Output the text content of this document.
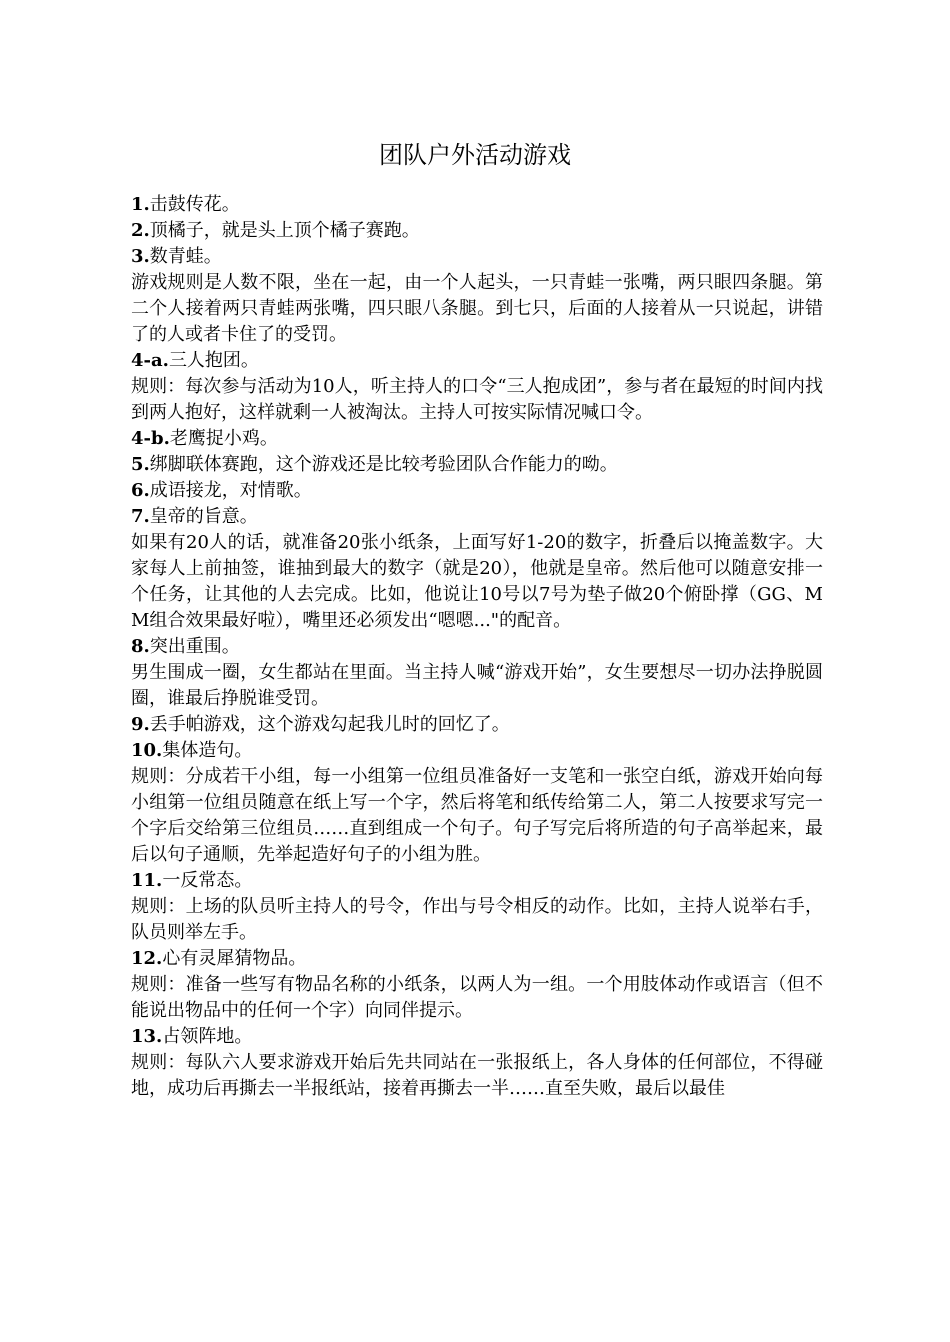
团队户外活动游戏

1.击鼓传花。

2.顶橘子，就是头上顶个橘子赛跑。

3.数青蛙。

游戏规则是人数不限，坐在一起，由一个人起头，一只青蛙一张嘴，两只眼四条腿。第二个人接着两只青蛙两张嘴，四只眼八条腿。到七只，后面的人接着从一只说起，讲错了的人或者卡住了的受罚。

4-a.三人抱团。

规则：每次参与活动为10人，听主持人的口令“三人抱成团”，参与者在最短的时间内找到两人抱好，这样就剩一人被淘汰。主持人可按实际情况喊口令。

4-b.老鹰捉小鸡。

5.绑脚联体赛跑，这个游戏还是比较考验团队合作能力的呦。

6.成语接龙，对情歌。

7.皇帝的旨意。

如果有20人的话，就准备20张小纸条，上面写好1-20的数字，折叠后以掩盖数字。大家每人上前抽签，谁抽到最大的数字（就是20），他就是皇帝。然后他可以随意安排一个任务，让其他的人去完成。比如，他说让10号以7号为垫子做20个俯卧撑（GG、MM组合效果最好啦），嘴里还必须发出“嗯嗯..."的配音。

8.突出重围。

男生围成一圈，女生都站在里面。当主持人喊“游戏开始”，女生要想尽一切办法挣脱圆圈，谁最后挣脱谁受罚。

9.丢手帕游戏，这个游戏勾起我儿时的回忆了。

10.集体造句。

规则：分成若干小组，每一小组第一位组员准备好一支笔和一张空白纸，游戏开始向每小组第一位组员随意在纸上写一个字，然后将笔和纸传给第二人，第二人按要求写完一个字后交给第三位组员……直到组成一个句子。句子写完后将所造的句子高举起来，最后以句子通顺，先举起造好句子的小组为胜。

11.一反常态。

规则：上场的队员听主持人的号令，作出与号令相反的动作。比如，主持人说举右手，队员则举左手。

12.心有灵犀猜物品。

规则：准备一些写有物品名称的小纸条，以两人为一组。一个用肢体动作或语言（但不能说出物品中的任何一个字）向同伴提示。

13.占领阵地。

规则：每队六人要求游戏开始后先共同站在一张报纸上，各人身体的任何部位，不得碰地，成功后再撕去一半报纸站，接着再撕去一半……直至失败，最后以最佳
